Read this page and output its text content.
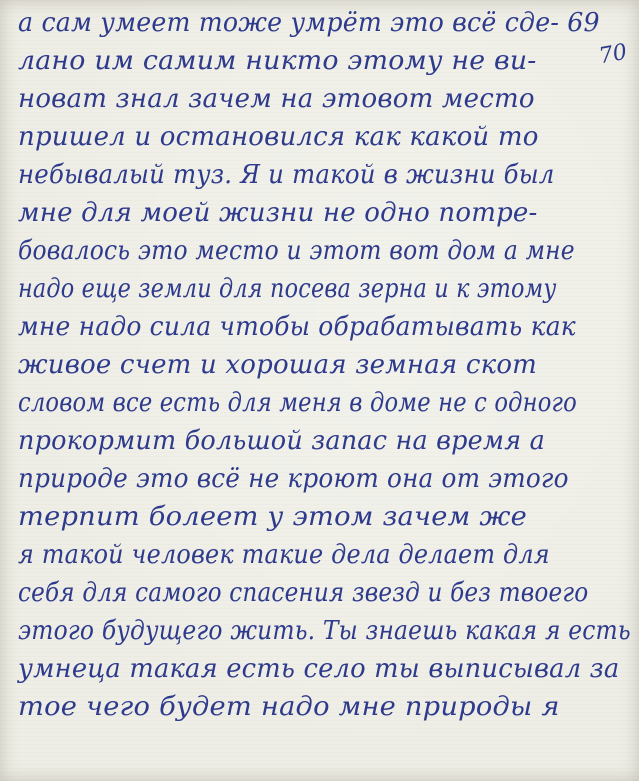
70
а сам умеет тоже умрёт это всё сде- 69
лано им самим никто этому не ви-
новат знал зачем на этовот место
пришел и остановился как какой то
небывалый туз. Я и такой в жизни был
мне для моей жизни не одно потре-
бовалось это место и этот вот дом а мне
надо еще земли для посева зерна и к этому
мне надо сила чтобы обрабатывать как
живое счет и хорошая земная скот
словом все есть для меня в доме не с одного
прокормит большой запас на время а
природе это всё не кроют она от этого
терпит болеет у этом зачем же
я такой человек такие дела делает для
себя для самого спасения звезд и без твоего
этого будущего жить. Ты знаешь какая я есть
умнеца такая есть село ты выписывал за
тое чего будет надо мне природы я
